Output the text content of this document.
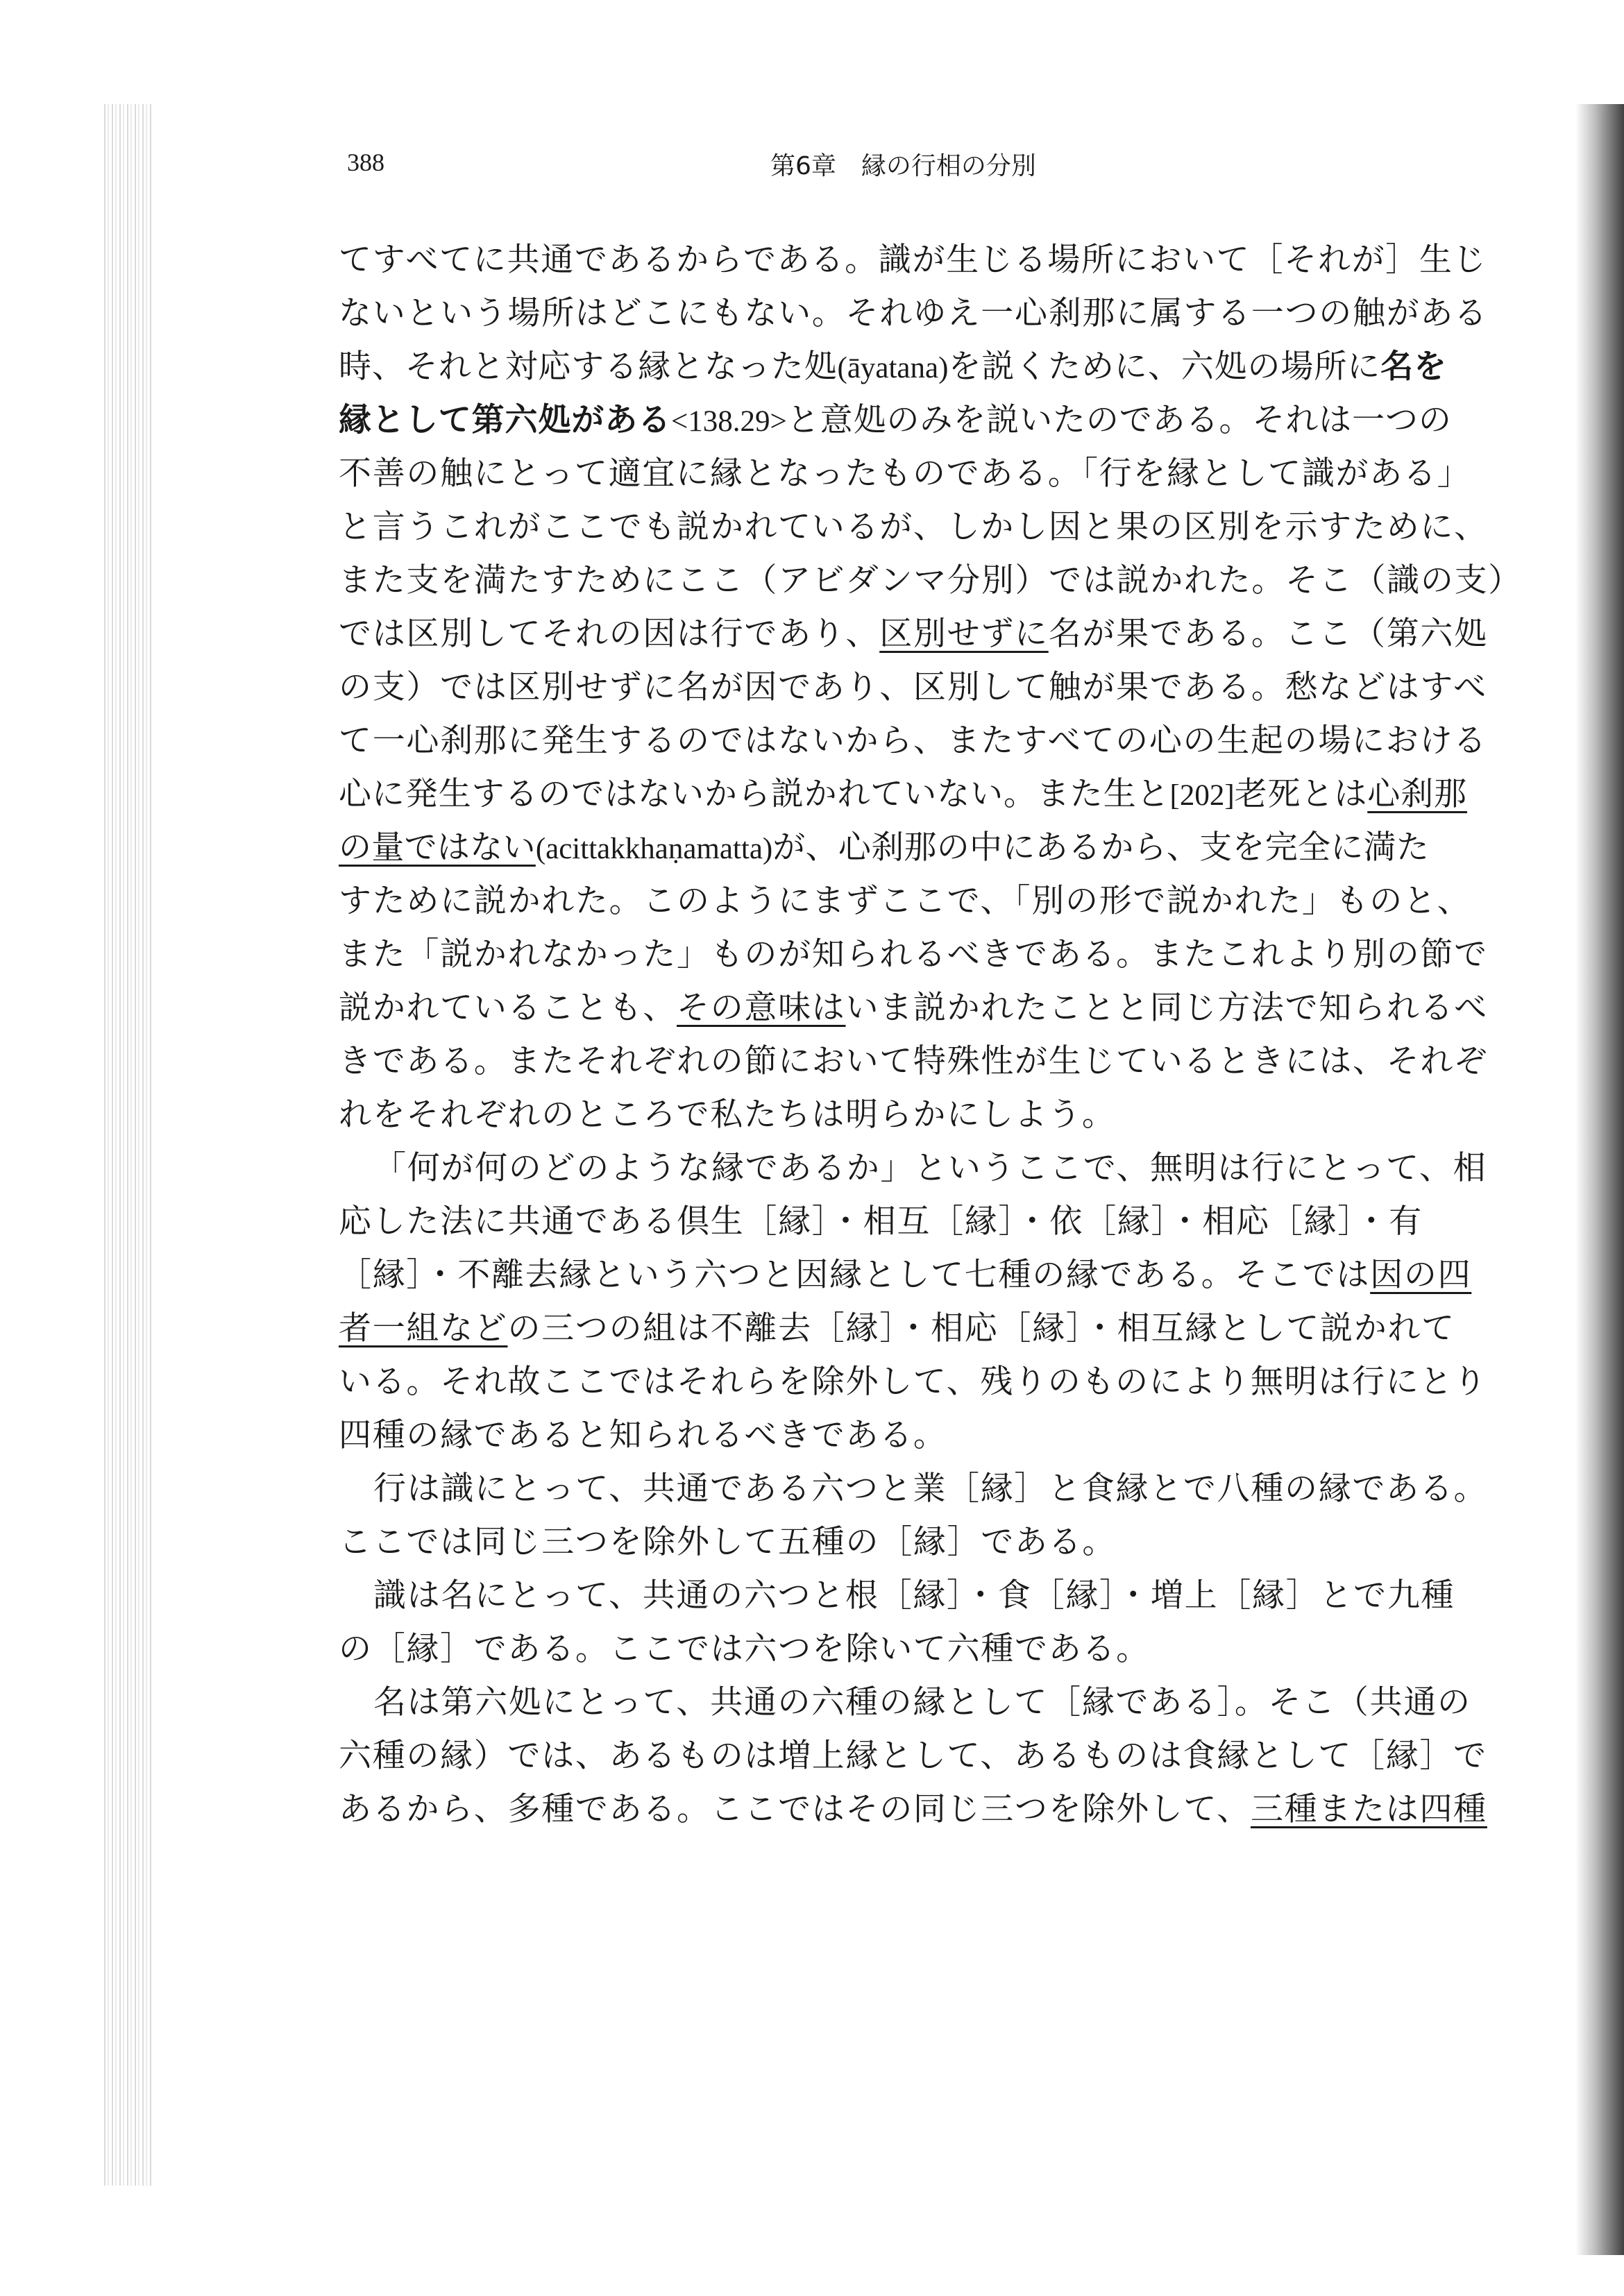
388	第6章　縁の行相の分別
てすべてに共通であるからである。識が生じる場所において［それが］生じ
ないという場所はどこにもない。それゆえ一心刹那に属する一つの触がある
時、それと対応する縁となった処(āyatana)を説くために、六処の場所に名を
縁として第六処がある<138.29>と意処のみを説いたのである。それは一つの
不善の触にとって適宜に縁となったものである。「行を縁として識がある」
と言うこれがここでも説かれているが、しかし因と果の区別を示すために、
また支を満たすためにここ（アビダンマ分別）では説かれた。そこ（識の支）
では区別してそれの因は行であり、区別せずに名が果である。ここ（第六処
の支）では区別せずに名が因であり、区別して触が果である。愁などはすべ
て一心刹那に発生するのではないから、またすべての心の生起の場における
心に発生するのではないから説かれていない。また生と[202]老死とは心刹那
の量ではない(acittakkhaṇamatta)が、心刹那の中にあるから、支を完全に満た
すために説かれた。このようにまずここで、「別の形で説かれた」ものと、
また「説かれなかった」ものが知られるべきである。またこれより別の節で
説かれていることも、その意味はいま説かれたことと同じ方法で知られるべ
きである。またそれぞれの節において特殊性が生じているときには、それぞ
れをそれぞれのところで私たちは明らかにしよう。
「何が何のどのような縁であるか」というここで、無明は行にとって、相
応した法に共通である倶生［縁］・相互［縁］・依［縁］・相応［縁］・有
［縁］・不離去縁という六つと因縁として七種の縁である。そこでは因の四
者一組などの三つの組は不離去［縁］・相応［縁］・相互縁として説かれて
いる。それ故ここではそれらを除外して、残りのものにより無明は行にとり
四種の縁であると知られるべきである。
行は識にとって、共通である六つと業［縁］と食縁とで八種の縁である。
ここでは同じ三つを除外して五種の［縁］である。
識は名にとって、共通の六つと根［縁］・食［縁］・増上［縁］とで九種
の［縁］である。ここでは六つを除いて六種である。
名は第六処にとって、共通の六種の縁として［縁である］。そこ（共通の
六種の縁）では、あるものは増上縁として、あるものは食縁として［縁］で
あるから、多種である。ここではその同じ三つを除外して、三種または四種
